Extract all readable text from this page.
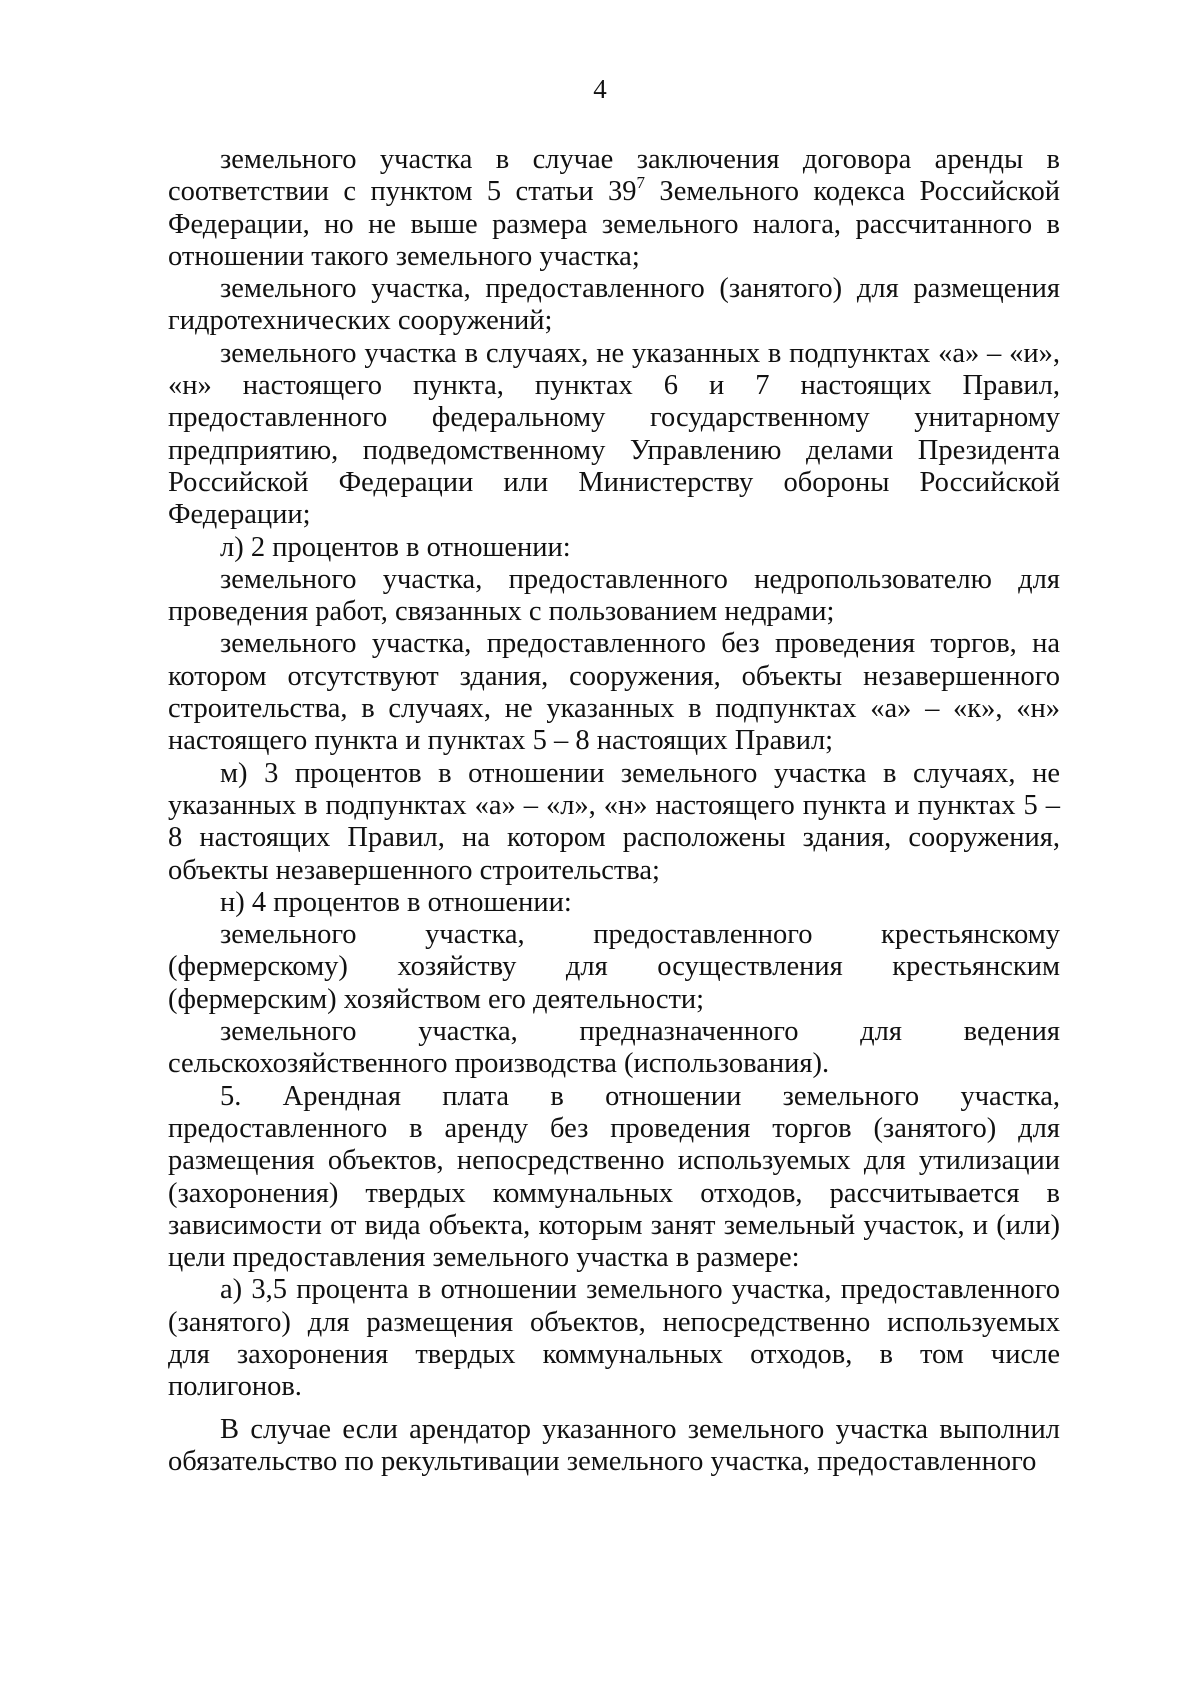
4

земельного участка в случае заключения договора аренды в соответствии с пунктом 5 статьи $39^7$ Земельного кодекса Российской Федерации, но не выше размера земельного налога, рассчитанного в отношении такого земельного участка;

земельного участка, предоставленного (занятого) для размещения гидротехнических сооружений;

земельного участка в случаях, не указанных в подпунктах «а» – «и», «н» настоящего пункта, пунктах 6 и 7 настоящих Правил, предоставленного федеральному государственному унитарному предприятию, подведомственному Управлению делами Президента Российской Федерации или Министерству обороны Российской Федерации;

л) 2 процентов в отношении:

земельного участка, предоставленного недропользователю для проведения работ, связанных с пользованием недрами;

земельного участка, предоставленного без проведения торгов, на котором отсутствуют здания, сооружения, объекты незавершенного строительства, в случаях, не указанных в подпунктах «а» – «к», «н» настоящего пункта и пунктах 5 – 8 настоящих Правил;

м) 3 процентов в отношении земельного участка в случаях, не указанных в подпунктах «а» – «л», «н» настоящего пункта и пунктах 5 – 8 настоящих Правил, на котором расположены здания, сооружения, объекты незавершенного строительства;

н) 4 процентов в отношении:

земельного участка, предоставленного крестьянскому (фермерскому) хозяйству для осуществления крестьянским (фермерским) хозяйством его деятельности;

земельного участка, предназначенного для ведения сельскохозяйственного производства (использования).

5. Арендная плата в отношении земельного участка, предоставленного в аренду без проведения торгов (занятого) для размещения объектов, непосредственно используемых для утилизации (захоронения) твердых коммунальных отходов, рассчитывается в зависимости от вида объекта, которым занят земельный участок, и (или) цели предоставления земельного участка в размере:

а) 3,5 процента в отношении земельного участка, предоставленного (занятого) для размещения объектов, непосредственно используемых для захоронения твердых коммунальных отходов, в том числе полигонов.

В случае если арендатор указанного земельного участка выполнил обязательство по рекультивации земельного участка, предоставленного
